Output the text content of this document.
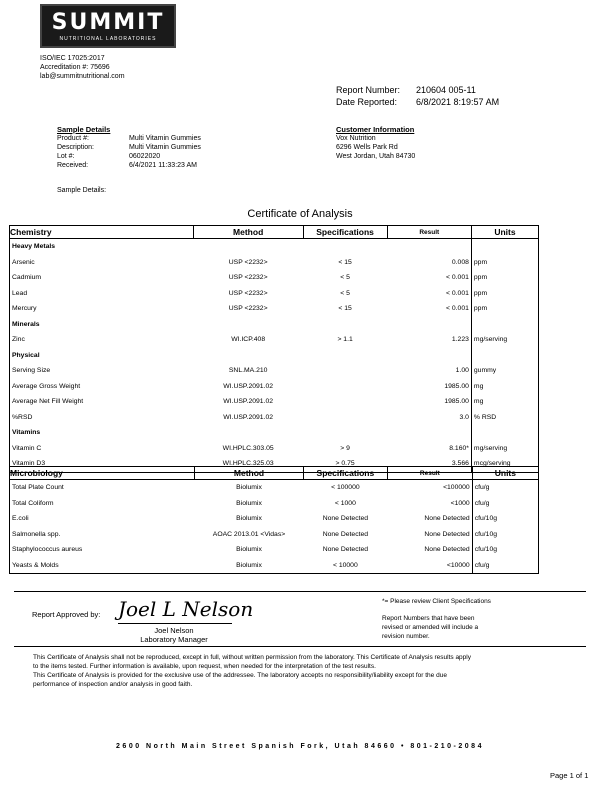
SUMMIT
NUTRITIONAL LABORATORIES
ISO/IEC 17025:2017
Accreditation #: 75696
lab@summitnutritional.com
Report Number: 210604 005-11
Date Reported: 6/8/2021 8:19:57 AM
Sample Details
Product #:	Multi Vitamin Gummies
Description:	Multi Vitamin Gummies
Lot #:	06022020
Received:	6/4/2021 11:33:23 AM
Sample Details:
Customer Information
Vox Nutrition
6296 Wells Park Rd
West Jordan, Utah 84730
Certificate of Analysis
Chemistry	Method	Specifications	Result	Units
Heavy Metals				
Arsenic	USP <2232>	< 15	0.008	ppm
Cadmium	USP <2232>	< 5	< 0.001	ppm
Lead	USP <2232>	< 5	< 0.001	ppm
Mercury	USP <2232>	< 15	< 0.001	ppm
Minerals				
Zinc	WI.ICP.408	> 1.1	1.223	mg/serving
Physical				
Serving Size	SNL.MA.210		1.00	gummy
Average Gross Weight	WI.USP.2091.02		1985.00	mg
Average Net Fill Weight	WI.USP.2091.02		1985.00	mg
%RSD	WI.USP.2091.02		3.0	% RSD
Vitamins				
Vitamin C	WI.HPLC.303.05	> 9	8.160*	mg/serving
Vitamin D3	WI.HPLC.325.03	> 0.75	3.566	mcg/serving
Microbiology	Method	Specifications	Result	Units
Total Plate Count	Biolumix	< 100000	<100000	cfu/g
Total Coliform	Biolumix	< 1000	<1000	cfu/g
E.coli	Biolumix	None Detected	None Detected	cfu/10g
Salmonella spp.	AOAC 2013.01 <Vidas>	None Detected	None Detected	cfu/10g
Staphylococcus aureus	Biolumix	None Detected	None Detected	cfu/10g
Yeasts & Molds	Biolumix	< 10000	<10000	cfu/g
Report Approved by: Joel L Nelson
Joel Nelson
Laboratory Manager
*= Please review Client Specifications
Report Numbers that have been
revised or amended will include a
revision number.
This Certificate of Analysis shall not be reproduced, except in full, without written permission from the laboratory. This Certificate of Analysis results apply
to the items tested. Further information is available, upon request, when needed for the interpretation of the test results.
This Certificate of Analysis is provided for the exclusive use of the addressee. The laboratory accepts no responsibility/liability except for the due
performance of inspection and/or analysis in good faith.
2600 North Main Street Spanish Fork, Utah 84660 • 801-210-2084
Page 1 of 1
